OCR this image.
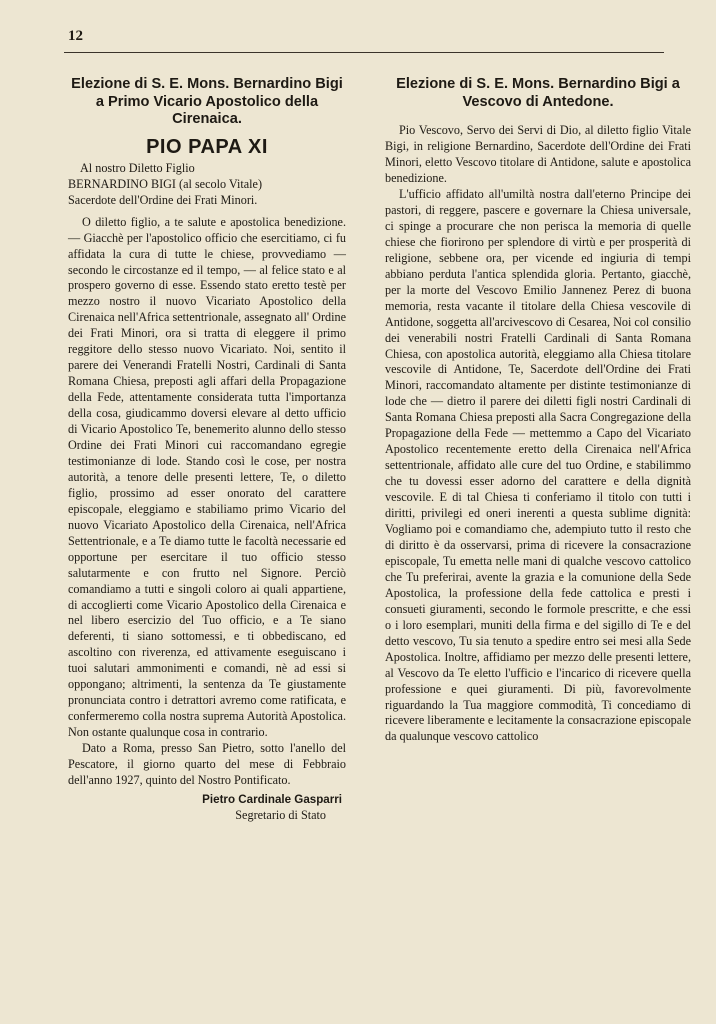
12
Elezione di S. E. Mons. Bernardino Bigi a Primo Vicario Apostolico della Cirenaica.
PIO PAPA XI
Al nostro Diletto Figlio
BERNARDINO BIGI (al secolo Vitale)
Sacerdote dell'Ordine dei Frati Minori.
O diletto figlio, a te salute e apostolica benedizione. — Giacchè per l'apostolico officio che esercitiamo, ci fu affidata la cura di tutte le chiese, provvediamo — secondo le circostanze ed il tempo, — al felice stato e al prospero governo di esse. Essendo stato eretto testè per mezzo nostro il nuovo Vicariato Apostolico della Cirenaica nell'Africa settentrionale, assegnato all' Ordine dei Frati Minori, ora si tratta di eleggere il primo reggitore dello stesso nuovo Vicariato. Noi, sentito il parere dei Venerandi Fratelli Nostri, Cardinali di Santa Romana Chiesa, preposti agli affari della Propagazione della Fede, attentamente considerata tutta l'importanza della cosa, giudicammo doversi elevare al detto ufficio di Vicario Apostolico Te, benemerito alunno dello stesso Ordine dei Frati Minori cui raccomandano egregie testimonianze di lode. Stando così le cose, per nostra autorità, a tenore delle presenti lettere, Te, o diletto figlio, prossimo ad esser onorato del carattere episcopale, eleggiamo e stabiliamo primo Vicario del nuovo Vicariato Apostolico della Cirenaica, nell'Africa Settentrionale, e a Te diamo tutte le facoltà necessarie ed opportune per esercitare il tuo officio stesso salutarmente e con frutto nel Signore. Perciò comandiamo a tutti e singoli coloro ai quali appartiene, di accoglierti come Vicario Apostolico della Cirenaica e nel libero esercizio del Tuo officio, e a Te siano deferenti, ti siano sottomessi, e ti obbediscano, ed ascoltino con riverenza, ed attivamente eseguiscano i tuoi salutari ammonimenti e comandi, nè ad essi si oppongano; altrimenti, la sentenza da Te giustamente pronunciata contro i detrattori avremo come ratificata, e confermeremo colla nostra suprema Autorità Apostolica. Non ostante qualunque cosa in contrario.
Dato a Roma, presso San Pietro, sotto l'anello del Pescatore, il giorno quarto del mese di Febbraio dell'anno 1927, quinto del Nostro Pontificato.
Pietro Cardinale Gasparri
Segretario di Stato
Elezione di S. E. Mons. Bernardino Bigi a Vescovo di Antedone.
Pio Vescovo, Servo dei Servi di Dio, al diletto figlio Vitale Bigi, in religione Bernardino, Sacerdote dell'Ordine dei Frati Minori, eletto Vescovo titolare di Antidone, salute e apostolica benedizione.
L'ufficio affidato all'umiltà nostra dall'eterno Principe dei pastori, di reggere, pascere e governare la Chiesa universale, ci spinge a procurare che non perisca la memoria di quelle chiese che fiorirono per splendore di virtù e per prosperità di religione, sebbene ora, per vicende ed ingiuria di tempi abbiano perduta l'antica splendida gloria. Pertanto, giacchè, per la morte del Vescovo Emilio Jannenez Perez di buona memoria, resta vacante il titolare della Chiesa vescovile di Antidone, soggetta all'arcivescovo di Cesarea, Noi col consilio dei venerabili nostri Fratelli Cardinali di Santa Romana Chiesa, con apostolica autorità, eleggiamo alla Chiesa titolare vescovile di Antidone, Te, Sacerdote dell'Ordine dei Frati Minori, raccomandato altamente per distinte testimonianze di lode che — dietro il parere dei diletti figli nostri Cardinali di Santa Romana Chiesa preposti alla Sacra Congregazione della Propagazione della Fede — mettemmo a Capo del Vicariato Apostolico recentemente eretto della Cirenaica nell'Africa settentrionale, affidato alle cure del tuo Ordine, e stabilimmo che tu dovessi esser adorno del carattere e della dignità vescovile. E di tal Chiesa ti conferiamo il titolo con tutti i diritti, privilegi ed oneri inerenti a questa sublime dignità: Vogliamo poi e comandiamo che, adempiuto tutto il resto che di diritto è da osservarsi, prima di ricevere la consacrazione episcopale, Tu emetta nelle mani di qualche vescovo cattolico che Tu preferirai, avente la grazia e la comunione della Sede Apostolica, la professione della fede cattolica e presti i consueti giuramenti, secondo le formole prescritte, e che essi o i loro esemplari, muniti della firma e del sigillo di Te e del detto vescovo, Tu sia tenuto a spedire entro sei mesi alla Sede Apostolica. Inoltre, affidiamo per mezzo delle presenti lettere, al Vescovo da Te eletto l'ufficio e l'incarico di ricevere quella professione e quei giuramenti. Di più, favorevolmente riguardando la Tua maggiore commodità, Ti concediamo di ricevere liberamente e lecitamente la consacrazione episcopale da qualunque vescovo cattolico
